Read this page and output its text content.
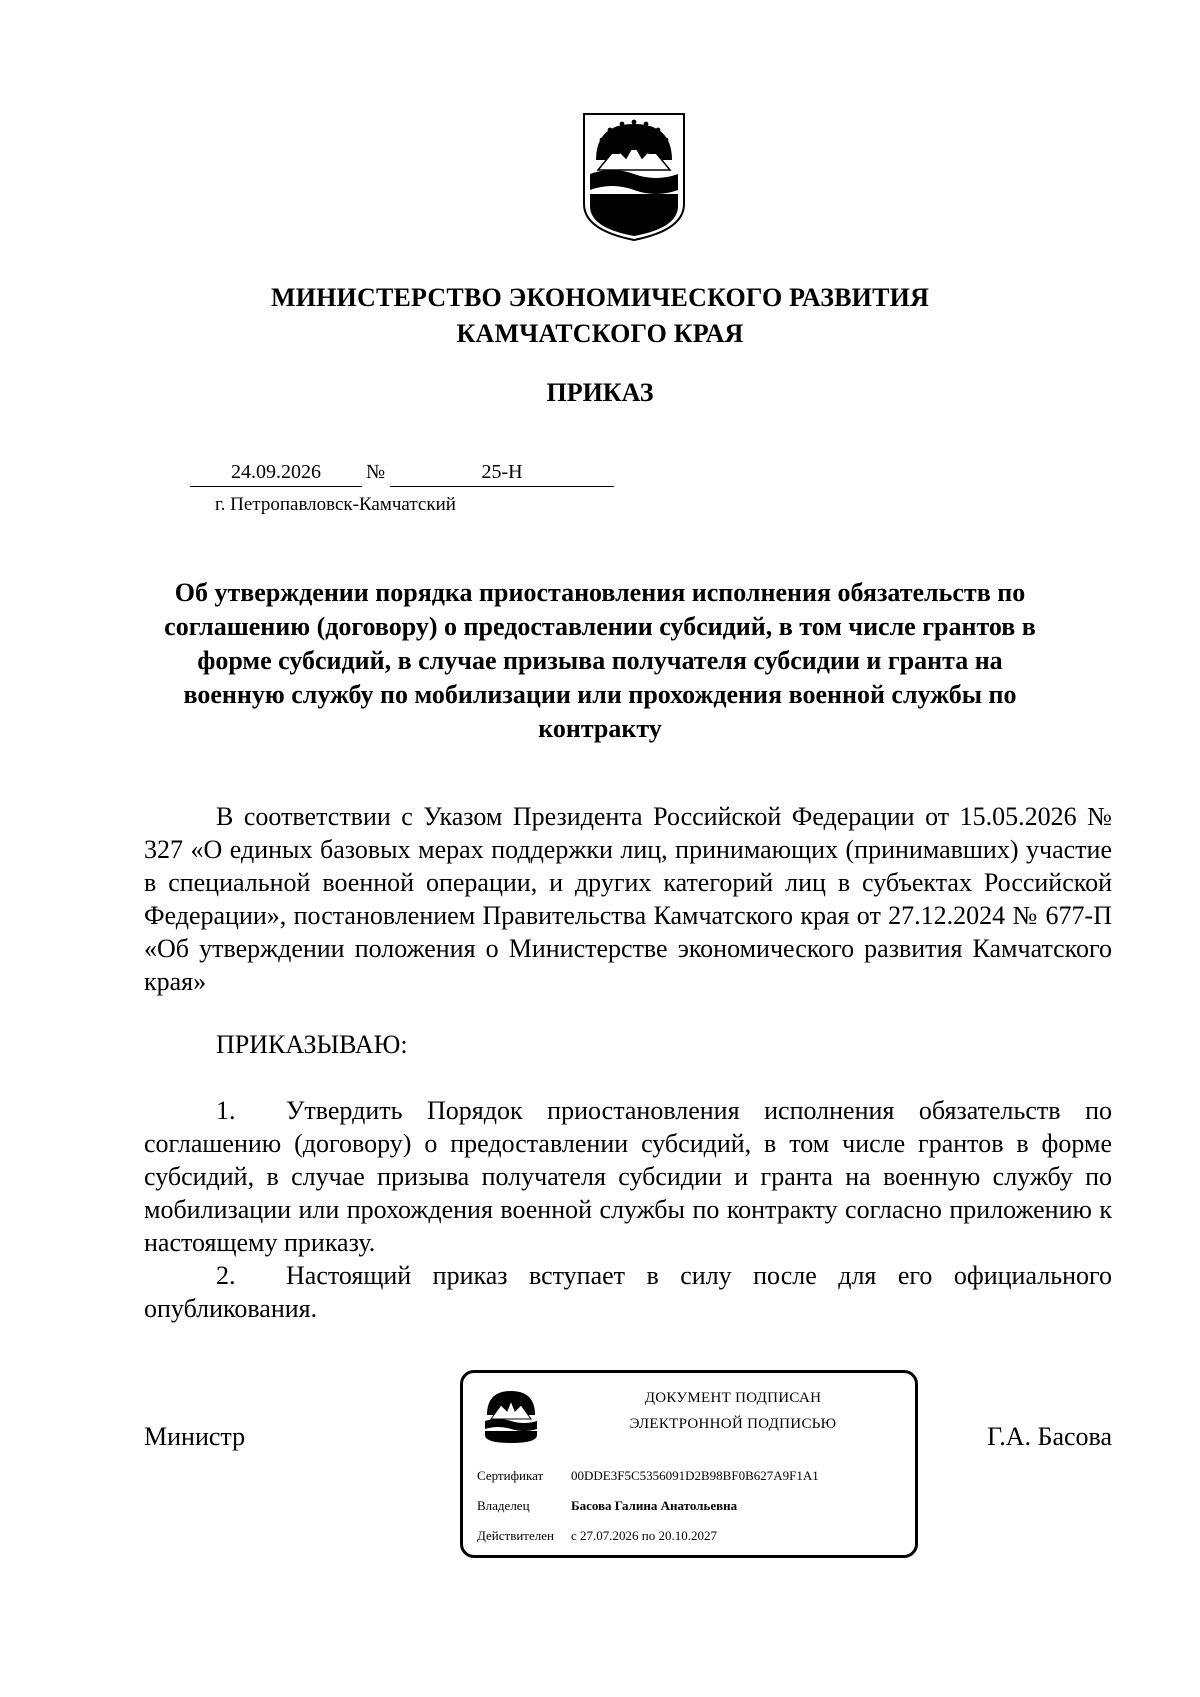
МИНИСТЕРСТВО ЭКОНОМИЧЕСКОГО РАЗВИТИЯ
КАМЧАТСКОГО КРАЯ
ПРИКАЗ
24.09.2026	№	25-Н
г. Петропавловск-Камчатский
Об утверждении порядка приостановления исполнения обязательств по соглашению (договору) о предоставлении субсидий, в том числе грантов в форме субсидий, в случае призыва получателя субсидии и гранта на военную службу по мобилизации или прохождения военной службы по контракту
В соответствии с Указом Президента Российской Федерации от 15.05.2026 № 327 «О единых базовых мерах поддержки лиц, принимающих (принимавших) участие в специальной военной операции, и других категорий лиц в субъектах Российской Федерации», постановлением Правительства Камчатского края от 27.12.2024 № 677-П «Об утверждении положения о Министерстве экономического развития Камчатского края»
ПРИКАЗЫВАЮ:
1. Утвердить Порядок приостановления исполнения обязательств по соглашению (договору) о предоставлении субсидий, в том числе грантов в форме субсидий, в случае призыва получателя субсидии и гранта на военную службу по мобилизации или прохождения военной службы по контракту согласно приложению к настоящему приказу.
2. Настоящий приказ вступает в силу после для его официального опубликования.
Министр	Г.А. Басова
ДОКУМЕНТ ПОДПИСАН
ЭЛЕКТРОННОЙ ПОДПИСЬЮ
Сертификат 00DDE3F5C5356091D2B98BF0B627A9F1A1
Владелец	Басова Галина Анатольевна
Действителен с 27.07.2026 по 20.10.2027
